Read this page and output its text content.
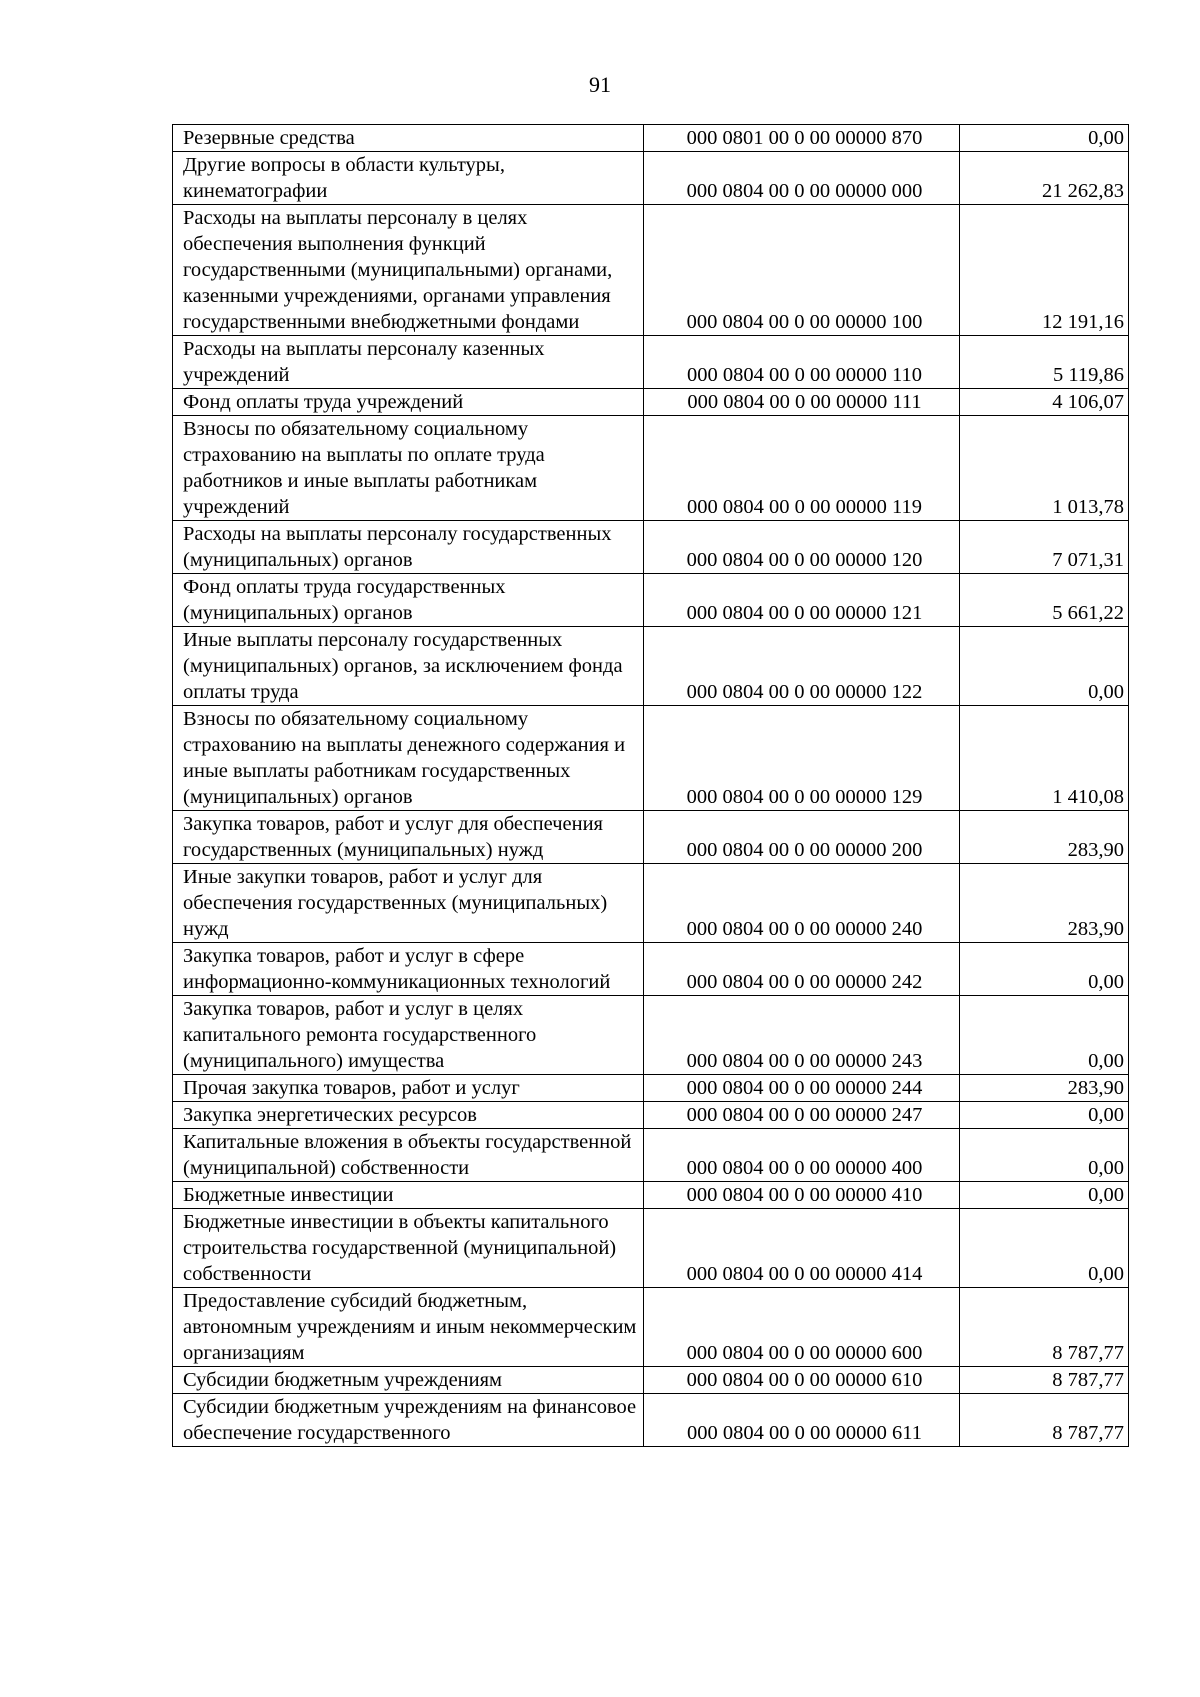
91
Резервные средства	000 0801 00 0 00 00000 870	0,00
Другие вопросы в области культуры, кинематографии	000 0804 00 0 00 00000 000	21 262,83
Расходы на выплаты персоналу в целях обеспечения выполнения функций государственными (муниципальными) органами, казенными учреждениями, органами управления государственными внебюджетными фондами	000 0804 00 0 00 00000 100	12 191,16
Расходы на выплаты персоналу казенных учреждений	000 0804 00 0 00 00000 110	5 119,86
Фонд оплаты труда учреждений	000 0804 00 0 00 00000 111	4 106,07
Взносы по обязательному социальному страхованию на выплаты по оплате труда работников и иные выплаты работникам учреждений	000 0804 00 0 00 00000 119	1 013,78
Расходы на выплаты персоналу государственных (муниципальных) органов	000 0804 00 0 00 00000 120	7 071,31
Фонд оплаты труда государственных (муниципальных) органов	000 0804 00 0 00 00000 121	5 661,22
Иные выплаты персоналу государственных (муниципальных) органов, за исключением фонда оплаты труда	000 0804 00 0 00 00000 122	0,00
Взносы по обязательному социальному страхованию на выплаты денежного содержания и иные выплаты работникам государственных (муниципальных) органов	000 0804 00 0 00 00000 129	1 410,08
Закупка товаров, работ и услуг для обеспечения государственных (муниципальных) нужд	000 0804 00 0 00 00000 200	283,90
Иные закупки товаров, работ и услуг для обеспечения государственных (муниципальных) нужд	000 0804 00 0 00 00000 240	283,90
Закупка товаров, работ и услуг в сфере информационно-коммуникационных технологий	000 0804 00 0 00 00000 242	0,00
Закупка товаров, работ и услуг в целях капитального ремонта государственного (муниципального) имущества	000 0804 00 0 00 00000 243	0,00
Прочая закупка товаров, работ и услуг	000 0804 00 0 00 00000 244	283,90
Закупка энергетических ресурсов	000 0804 00 0 00 00000 247	0,00
Капитальные вложения в объекты государственной (муниципальной) собственности	000 0804 00 0 00 00000 400	0,00
Бюджетные инвестиции	000 0804 00 0 00 00000 410	0,00
Бюджетные инвестиции в объекты капитального строительства государственной (муниципальной) собственности	000 0804 00 0 00 00000 414	0,00
Предоставление субсидий бюджетным, автономным учреждениям и иным некоммерческим организациям	000 0804 00 0 00 00000 600	8 787,77
Субсидии бюджетным учреждениям	000 0804 00 0 00 00000 610	8 787,77
Субсидии бюджетным учреждениям на финансовое обеспечение государственного	000 0804 00 0 00 00000 611	8 787,77
